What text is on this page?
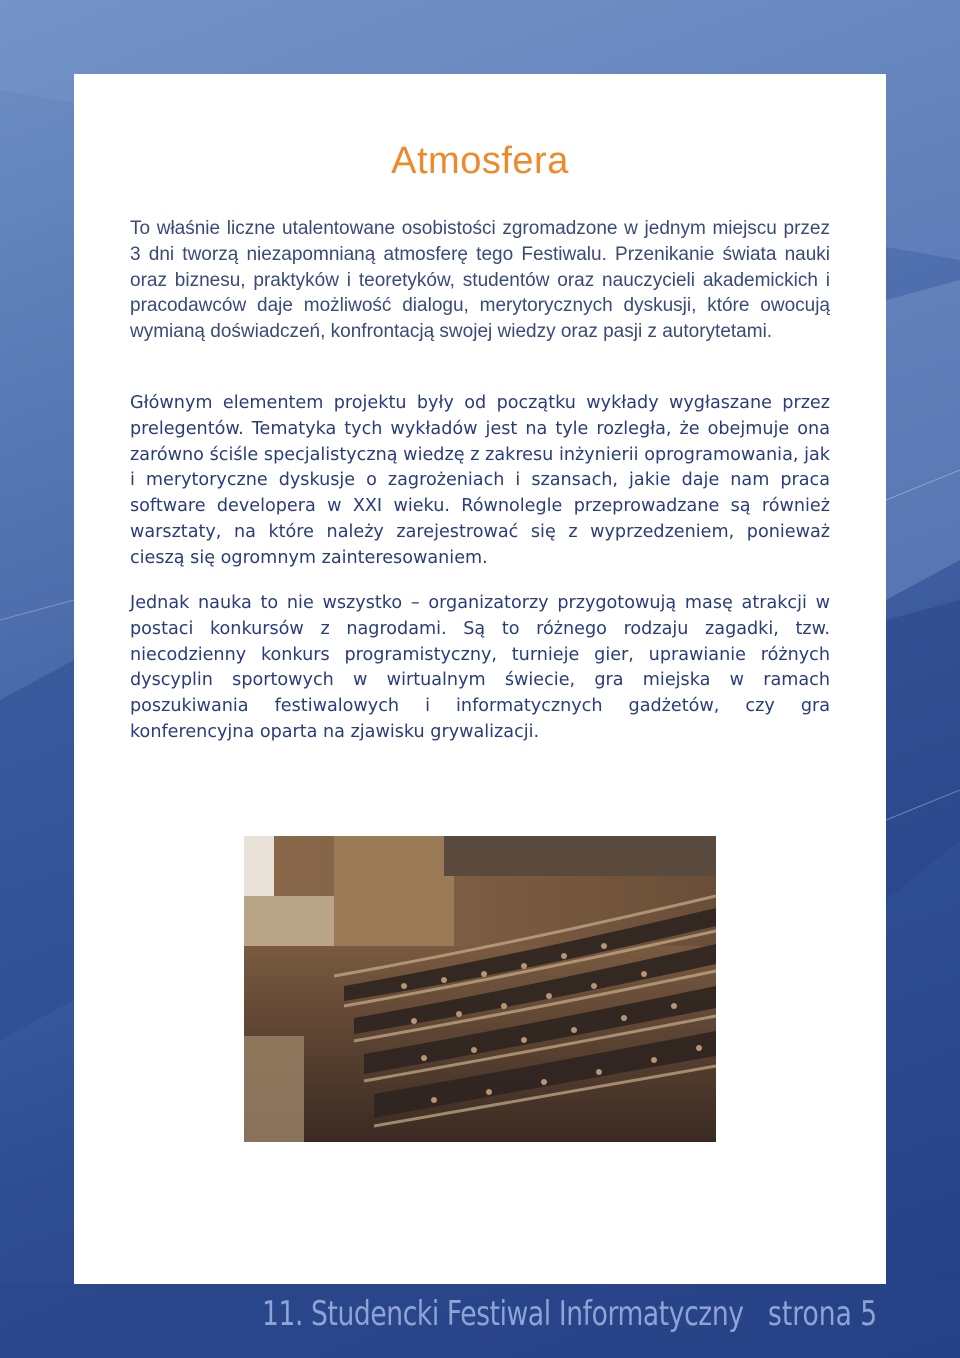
Atmosfera
To właśnie liczne utalentowane osobistości zgromadzone w jednym miejscu przez 3 dni tworzą niezapomnianą atmosferę tego Festiwalu. Przenikanie świata nauki oraz biznesu, praktyków i teoretyków, studentów oraz nauczycieli akademickich i pracodawców daje możliwość dialogu, merytorycznych dyskusji, które owocują wymianą doświadczeń, konfrontacją swojej wiedzy oraz pasji z autorytetami.
Głównym elementem projektu były od początku wykłady wygłaszane przez prelegentów. Tematyka tych wykładów jest na tyle rozległa, że obejmuje ona zarówno ściśle specjalistyczną wiedzę z zakresu inżynierii oprogramowania, jak i merytoryczne dyskusje o zagrożeniach i szansach, jakie daje nam praca software developera w XXI wieku. Równolegle przeprowadzane są również warsztaty, na które należy zarejestrować się z wyprzedzeniem, ponieważ cieszą się ogromnym zainteresowaniem.
Jednak nauka to nie wszystko – organizatorzy przygotowują masę atrakcji w postaci konkursów z nagrodami. Są to różnego rodzaju zagadki, tzw. niecodzienny konkurs programistyczny, turnieje gier, uprawianie różnych dyscyplin sportowych w wirtualnym świecie, gra miejska w ramach poszukiwania festiwalowych i informatycznych gadżetów, czy gra konferencyjna oparta na zjawisku grywalizacji.
11. Studencki Festiwal Informatyczny strona 5
